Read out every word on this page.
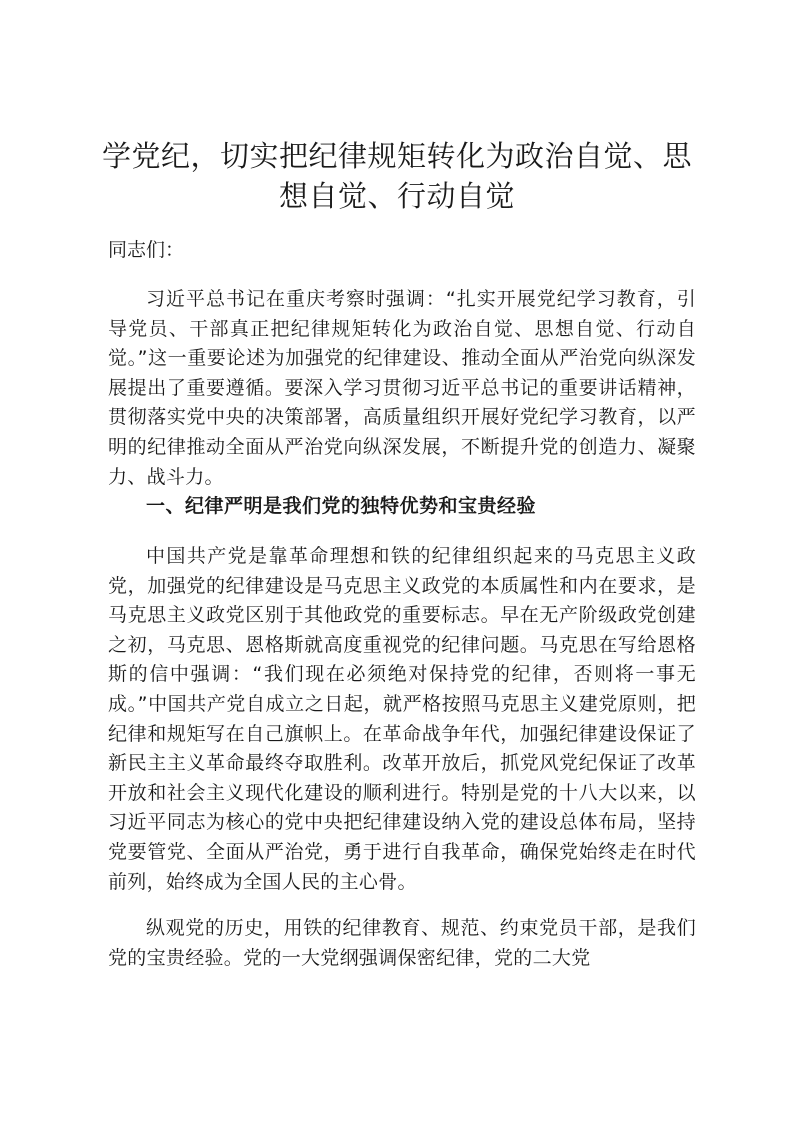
学党纪，切实把纪律规矩转化为政治自觉、思想自觉、行动自觉

同志们：

习近平总书记在重庆考察时强调：“扎实开展党纪学习教育，引导党员、干部真正把纪律规矩转化为政治自觉、思想自觉、行动自觉。”这一重要论述为加强党的纪律建设、推动全面从严治党向纵深发展提出了重要遵循。要深入学习贯彻习近平总书记的重要讲话精神，贯彻落实党中央的决策部署，高质量组织开展好党纪学习教育，以严明的纪律推动全面从严治党向纵深发展，不断提升党的创造力、凝聚力、战斗力。

一、纪律严明是我们党的独特优势和宝贵经验

中国共产党是靠革命理想和铁的纪律组织起来的马克思主义政党，加强党的纪律建设是马克思主义政党的本质属性和内在要求，是马克思主义政党区别于其他政党的重要标志。早在无产阶级政党创建之初，马克思、恩格斯就高度重视党的纪律问题。马克思在写给恩格斯的信中强调：“我们现在必须绝对保持党的纪律，否则将一事无成。”中国共产党自成立之日起，就严格按照马克思主义建党原则，把纪律和规矩写在自己旗帜上。在革命战争年代，加强纪律建设保证了新民主主义革命最终夺取胜利。改革开放后，抓党风党纪保证了改革开放和社会主义现代化建设的顺利进行。特别是党的十八大以来，以习近平同志为核心的党中央把纪律建设纳入党的建设总体布局，坚持党要管党、全面从严治党，勇于进行自我革命，确保党始终走在时代前列，始终成为全国人民的主心骨。

纵观党的历史，用铁的纪律教育、规范、约束党员干部，是我们党的宝贵经验。党的一大党纲强调保密纪律，党的二大党
